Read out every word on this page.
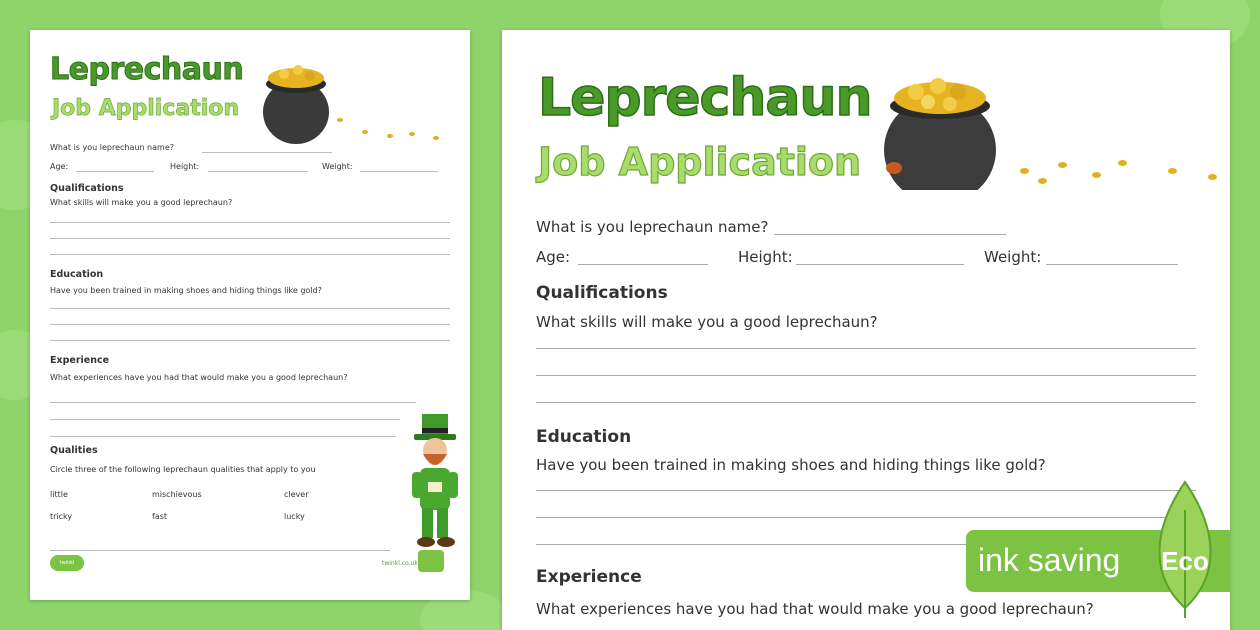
Leprechaun
Job Application
What is you leprechaun name?
Age:	Height:	Weight:
Qualifications
What skills will make you a good leprechaun?
Education
Have you been trained in making shoes and hiding things like gold?
Experience
What experiences have you had that would make you a good leprechaun?
Qualities
Circle three of the following leprechaun qualities that apply to you
little	mischievous	clever
tricky	fast	lucky
twinkl	twinkl.co.uk
Leprechaun
Job Application
What is you leprechaun name?
Age:	Height:	Weight:
Qualifications
What skills will make you a good leprechaun?
Education
Have you been trained in making shoes and hiding things like gold?
Experience
What experiences have you had that would make you a good leprechaun?
ink saving Eco
